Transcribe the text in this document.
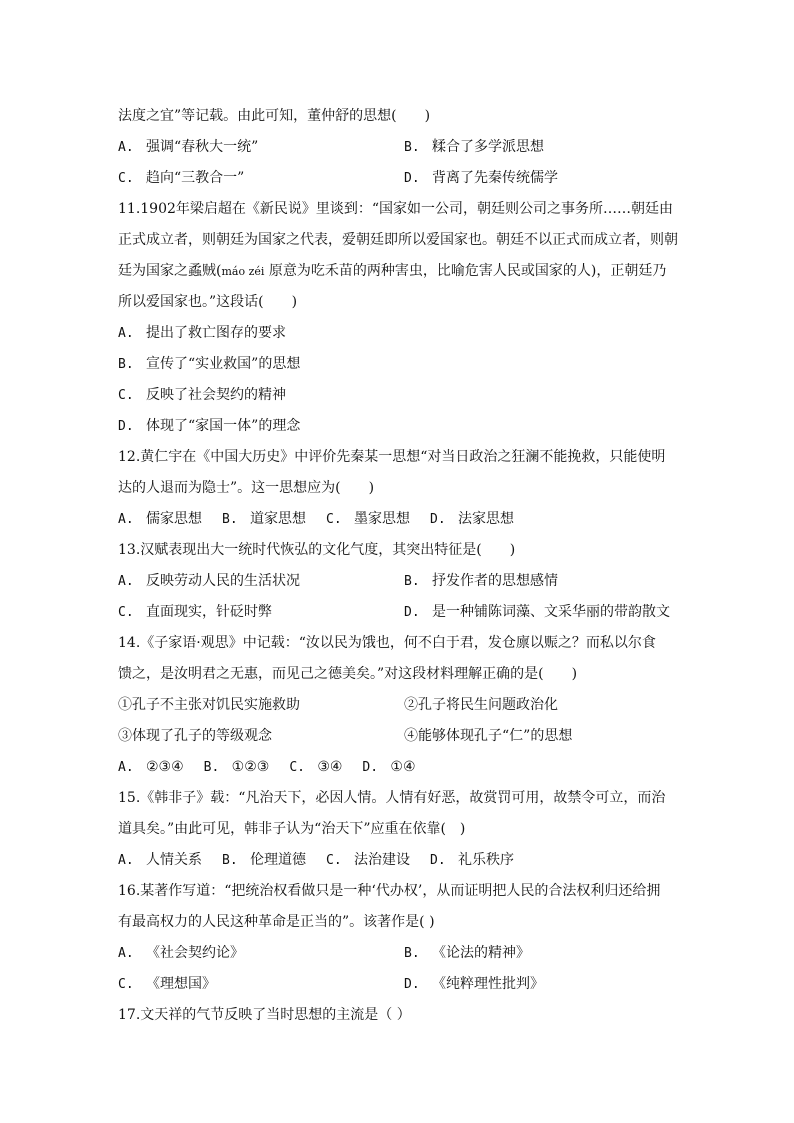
法度之宜”等记载。由此可知，董仲舒的思想(　　)
A. 强调“春秋大一统”	B. 糅合了多学派思想
C. 趋向“三教合一”	D. 背离了先秦传统儒学
11.1902年梁启超在《新民说》里谈到：“国家如一公司，朝廷则公司之事务所……朝廷由
正式成立者，则朝廷为国家之代表，爱朝廷即所以爱国家也。朝廷不以正式而成立者，则朝
廷为国家之蟊贼(máo zéi 原意为吃禾苗的两种害虫，比喻危害人民或国家的人)，正朝廷乃
所以爱国家也。”这段话(　　)
A. 提出了救亡图存的要求
B. 宣传了“实业救国”的思想
C. 反映了社会契约的精神
D. 体现了“家国一体”的理念
12.黄仁宇在《中国大历史》中评价先秦某一思想“对当日政治之狂澜不能挽救，只能使明
达的人退而为隐士”。这一思想应为(　　)
A. 儒家思想 B. 道家思想 C. 墨家思想 D. 法家思想
13.汉赋表现出大一统时代恢弘的文化气度，其突出特征是(　　)
A. 反映劳动人民的生活状况	B. 抒发作者的思想感情
C. 直面现实，针砭时弊	D. 是一种铺陈词藻、文采华丽的带韵散文
14.《子家语·观思》中记载：“汝以民为饿也，何不白于君，发仓廪以赈之？而私以尔食
馈之，是汝明君之无惠，而见己之德美矣。”对这段材料理解正确的是(　　)
①孔子不主张对饥民实施救助	②孔子将民生问题政治化
③体现了孔子的等级观念	④能够体现孔子“仁”的思想
A. ②③④ B. ①②③ C. ③④ D. ①④
15.《韩非子》载：“凡治天下，必因人情。人情有好恶，故赏罚可用，故禁令可立，而治
道具矣。”由此可见，韩非子认为“治天下”应重在依靠(　)
A. 人情关系 B. 伦理道德 C. 法治建设 D. 礼乐秩序
16.某著作写道：“把统治权看做只是一种‘代办权’，从而证明把人民的合法权利归还给拥
有最高权力的人民这种革命是正当的”。该著作是( )
A. 《社会契约论》	B. 《论法的精神》
C. 《理想国》	D. 《纯粹理性批判》
17.文天祥的气节反映了当时思想的主流是（ ）
